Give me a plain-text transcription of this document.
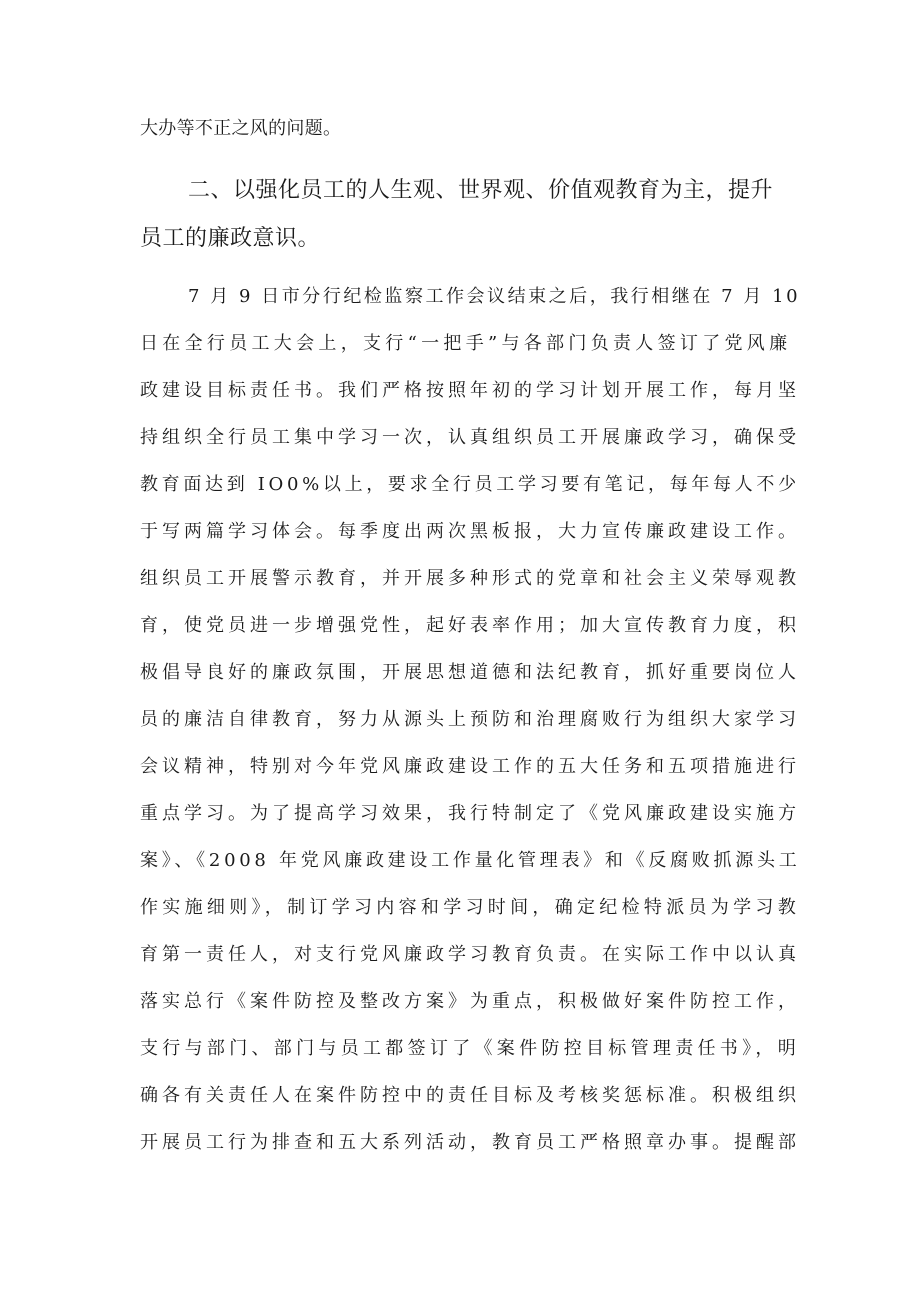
大办等不正之风的问题。

二、以强化员工的人生观、世界观、价值观教育为主，提升

员工的廉政意识。

7 月 9 日市分行纪检监察工作会议结束之后，我行相继在 7 月 10

日在全行员工大会上，支行“一把手”与各部门负责人签订了党风廉

政建设目标责任书。我们严格按照年初的学习计划开展工作，每月坚

持组织全行员工集中学习一次，认真组织员工开展廉政学习，确保受

教育面达到 IO0%以上，要求全行员工学习要有笔记，每年每人不少

于写两篇学习体会。每季度出两次黑板报，大力宣传廉政建设工作。

组织员工开展警示教育，并开展多种形式的党章和社会主义荣辱观教

育，使党员进一步增强党性，起好表率作用；加大宣传教育力度，积

极倡导良好的廉政氛围，开展思想道德和法纪教育，抓好重要岗位人

员的廉洁自律教育，努力从源头上预防和治理腐败行为组织大家学习

会议精神，特别对今年党风廉政建设工作的五大任务和五项措施进行

重点学习。为了提高学习效果，我行特制定了《党风廉政建设实施方

案》、《2008 年党风廉政建设工作量化管理表》和《反腐败抓源头工

作实施细则》，制订学习内容和学习时间，确定纪检特派员为学习教

育第一责任人，对支行党风廉政学习教育负责。在实际工作中以认真

落实总行《案件防控及整改方案》为重点，积极做好案件防控工作，

支行与部门、部门与员工都签订了《案件防控目标管理责任书》，明

确各有关责任人在案件防控中的责任目标及考核奖惩标准。积极组织

开展员工行为排查和五大系列活动，教育员工严格照章办事。提醒部
